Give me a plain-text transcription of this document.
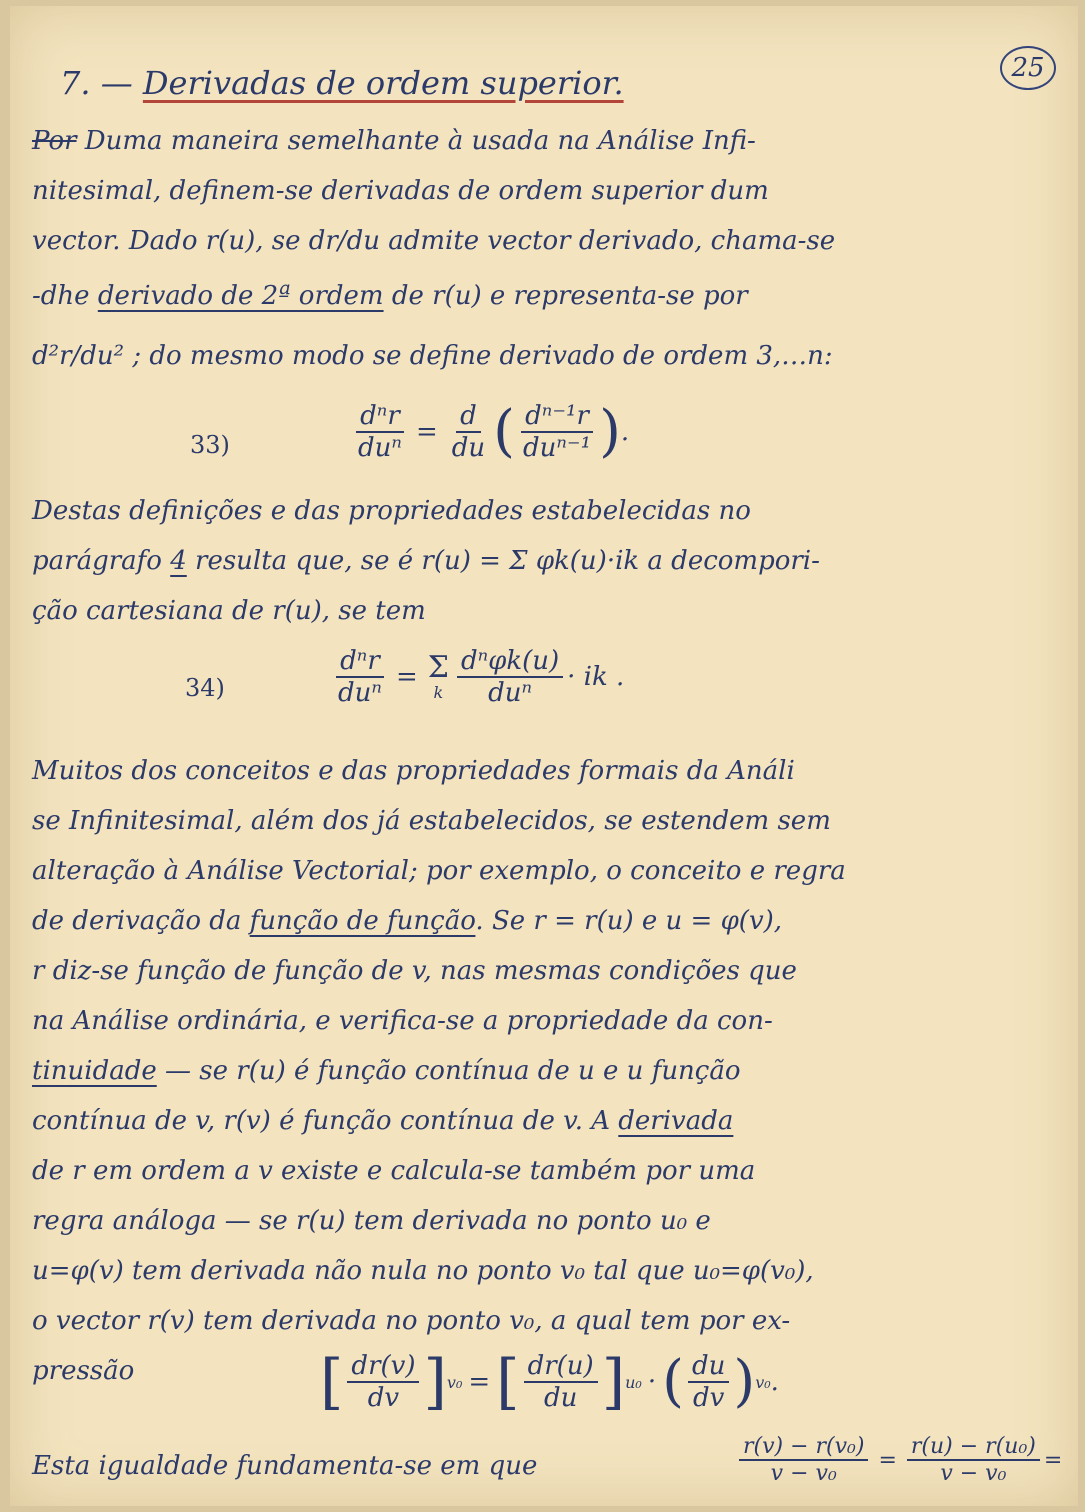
25
7. — Derivadas de ordem superior.
Por Duma maneira semelhante à usada na Análise Infi-
nitesimal, definem-se derivadas de ordem superior dum
vector. Dado r(u), se dr/du admite vector derivado, chama-se
-dhe derivado de 2ª ordem de r(u) e representa-se por
d²r/du² ; do mesmo modo se define derivado de ordem 3,…n:
Destas definições e das propriedades estabelecidas no
parágrafo 4 resulta que, se é r(u) = Σ φk(u)·ik a decompori-
ção cartesiana de r(u), se tem
Muitos dos conceitos e das propriedades formais da Análi
se Infinitesimal, além dos já estabelecidos, se estendem sem
alteração à Análise Vectorial; por exemplo, o conceito e regra
de derivação da função de função. Se r = r(u) e u = φ(v),
r diz-se função de função de v, nas mesmas condições que
na Análise ordinária, e verifica-se a propriedade da con-
tinuidade — se r(u) é função contínua de u e u função
contínua de v, r(v) é função contínua de v. A derivada
de r em ordem a v existe e calcula-se também por uma
regra análoga — se r(u) tem derivada no ponto u₀ e
u=φ(v) tem derivada não nula no ponto v₀ tal que u₀=φ(v₀),
o vector r(v) tem derivada no ponto v₀, a qual tem por ex-
pressão
Esta igualdade fundamenta-se em que
33)	$\frac{\text{dⁿr}}{\text{duⁿ}} = \frac{d}{du}$ ( $\frac{\text{dⁿ⁻¹r}}{\text{duⁿ⁻¹}}$ ) .
34)	$\frac{\text{dⁿr}}{\text{duⁿ}} = \Sigma$
k $\frac{\text{dⁿφk(u)}}{\text{duⁿ}}$ · ik .
[ $\frac{dr(v)}{dv}$ ] v₀ = [ $\frac{dr(u)}{du}$ ] u₀ · ( $\frac{du}{dv}$ ) v₀ .
$\frac{\text{r(v) − r(v₀)}}{\text{v − v₀}} = \frac{\text{r(u) − r(u₀)}}{\text{v − v₀}}$ =
